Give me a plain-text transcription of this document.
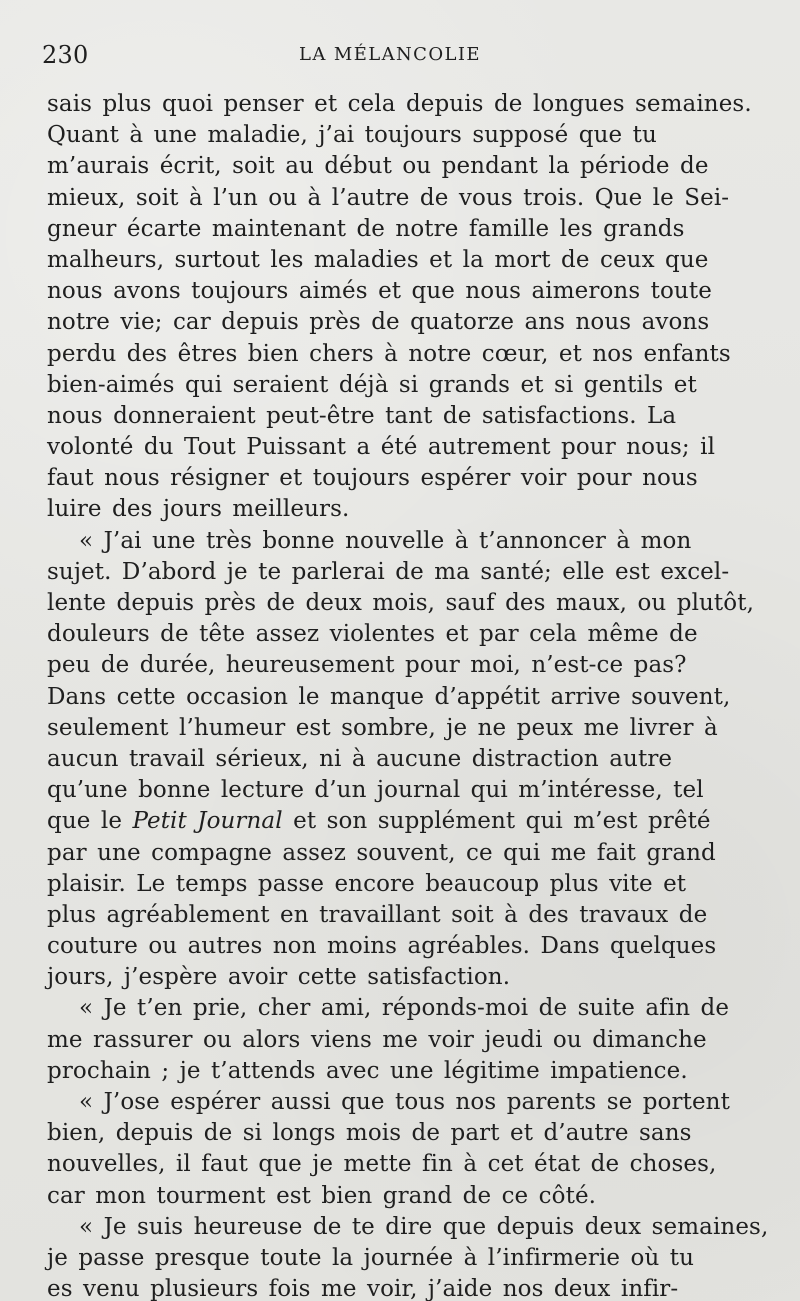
230	LA MÉLANCOLIE
sais plus quoi penser et cela depuis de longues semaines.
Quant à une maladie, j’ai toujours supposé que tu
m’aurais écrit, soit au début ou pendant la période de
mieux, soit à l’un ou à l’autre de vous trois. Que le Sei-
gneur écarte maintenant de notre famille les grands
malheurs, surtout les maladies et la mort de ceux que
nous avons toujours aimés et que nous aimerons toute
notre vie; car depuis près de quatorze ans nous avons
perdu des êtres bien chers à notre cœur, et nos enfants
bien-aimés qui seraient déjà si grands et si gentils et
nous donneraient peut-être tant de satisfactions. La
volonté du Tout Puissant a été autrement pour nous; il
faut nous résigner et toujours espérer voir pour nous
luire des jours meilleurs.
« J’ai une très bonne nouvelle à t’annoncer à mon
sujet. D’abord je te parlerai de ma santé; elle est excel-
lente depuis près de deux mois, sauf des maux, ou plutôt,
douleurs de tête assez violentes et par cela même de
peu de durée, heureusement pour moi, n’est-ce pas?
Dans cette occasion le manque d’appétit arrive souvent,
seulement l’humeur est sombre, je ne peux me livrer à
aucun travail sérieux, ni à aucune distraction autre
qu’une bonne lecture d’un journal qui m’intéresse, tel
que le Petit Journal et son supplément qui m’est prêté
par une compagne assez souvent, ce qui me fait grand
plaisir. Le temps passe encore beaucoup plus vite et
plus agréablement en travaillant soit à des travaux de
couture ou autres non moins agréables. Dans quelques
jours, j’espère avoir cette satisfaction.
« Je t’en prie, cher ami, réponds-moi de suite afin de
me rassurer ou alors viens me voir jeudi ou dimanche
prochain ; je t’attends avec une légitime impatience.
« J’ose espérer aussi que tous nos parents se portent
bien, depuis de si longs mois de part et d’autre sans
nouvelles, il faut que je mette fin à cet état de choses,
car mon tourment est bien grand de ce côté.
« Je suis heureuse de te dire que depuis deux semaines,
je passe presque toute la journée à l’infirmerie où tu
es venu plusieurs fois me voir, j’aide nos deux infir-
